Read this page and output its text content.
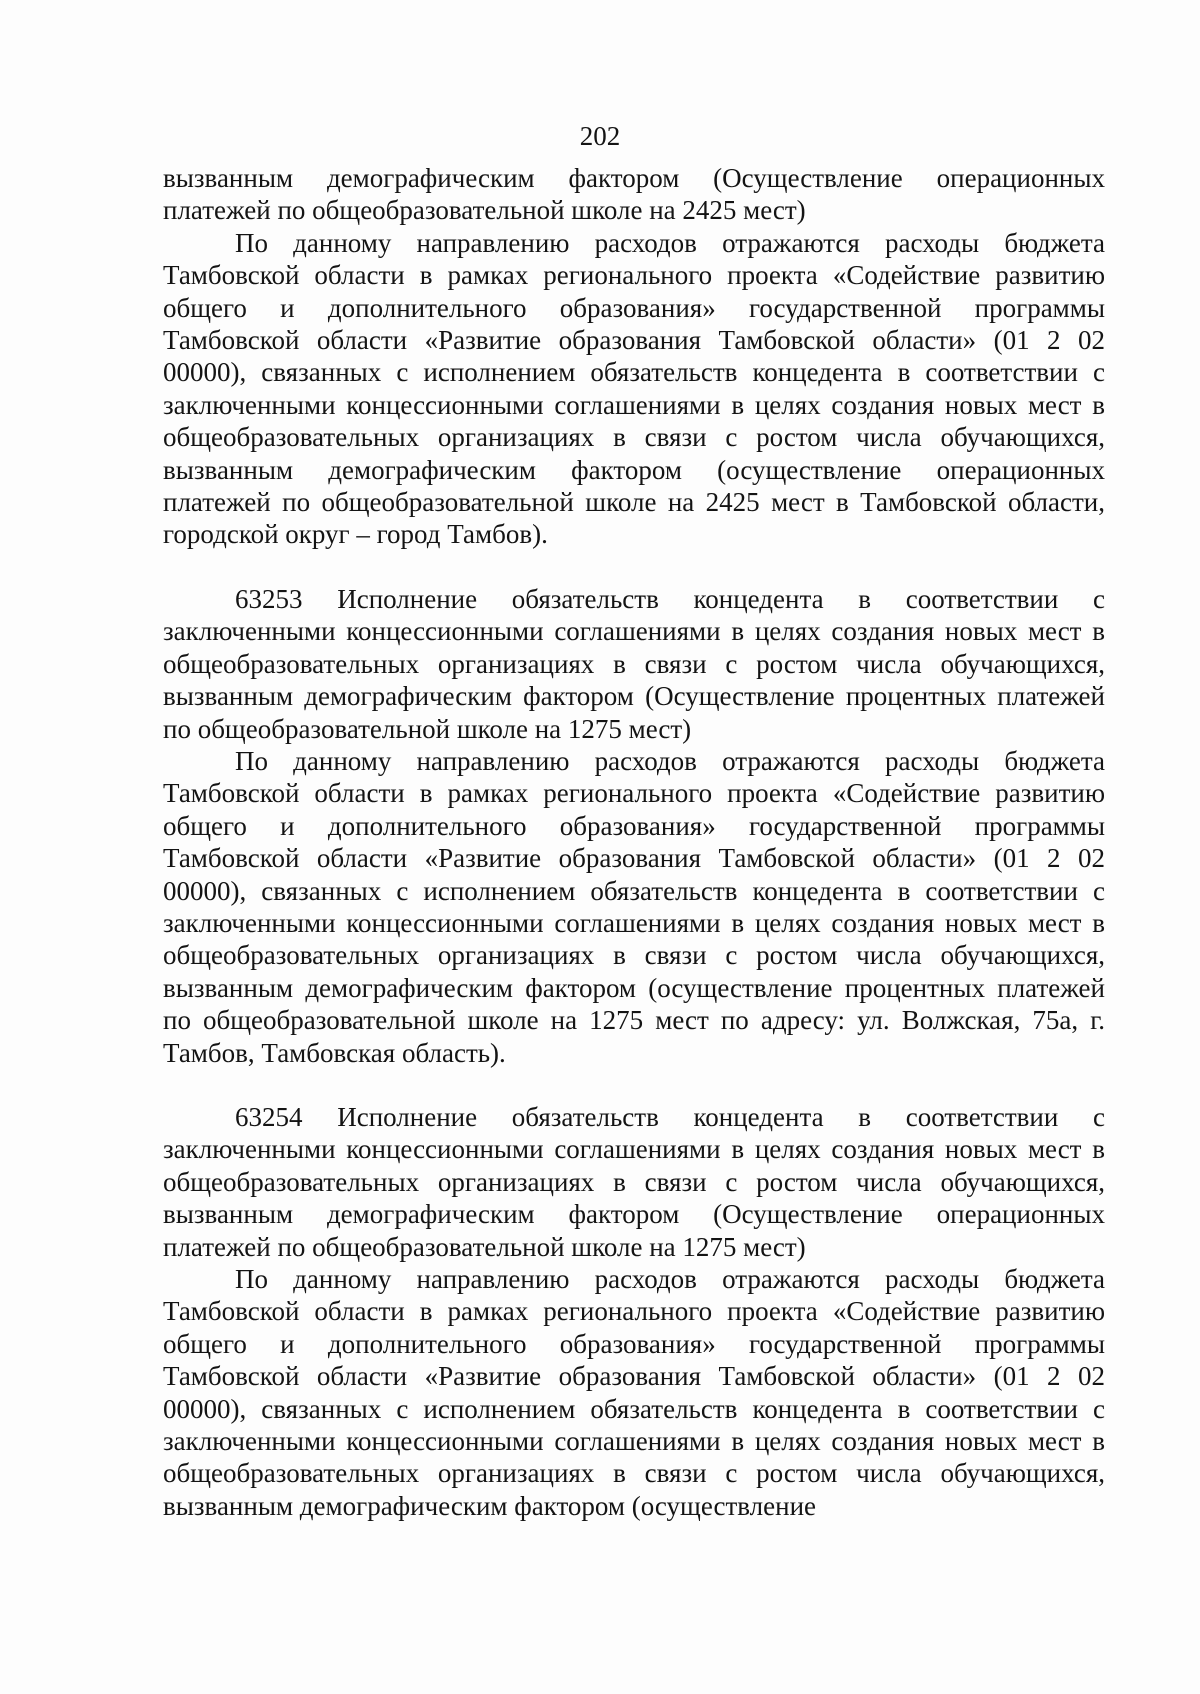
202

вызванным демографическим фактором (Осуществление операционных платежей по общеобразовательной школе на 2425 мест)

По данному направлению расходов отражаются расходы бюджета Тамбовской области в рамках регионального проекта «Содействие развитию общего и дополнительного образования» государственной программы Тамбовской области «Развитие образования Тамбовской области» (01 2 02 00000), связанных с исполнением обязательств концедента в соответствии с заключенными концессионными соглашениями в целях создания новых мест в общеобразовательных организациях в связи с ростом числа обучающихся, вызванным демографическим фактором (осуществление операционных платежей по общеобразовательной школе на 2425 мест в Тамбовской области, городской округ – город Тамбов).

63253 Исполнение обязательств концедента в соответствии с заключенными концессионными соглашениями в целях создания новых мест в общеобразовательных организациях в связи с ростом числа обучающихся, вызванным демографическим фактором (Осуществление процентных платежей по общеобразовательной школе на 1275 мест)

По данному направлению расходов отражаются расходы бюджета Тамбовской области в рамках регионального проекта «Содействие развитию общего и дополнительного образования» государственной программы Тамбовской области «Развитие образования Тамбовской области» (01 2 02 00000), связанных с исполнением обязательств концедента в соответствии с заключенными концессионными соглашениями в целях создания новых мест в общеобразовательных организациях в связи с ростом числа обучающихся, вызванным демографическим фактором (осуществление процентных платежей по общеобразовательной школе на 1275 мест по адресу: ул. Волжская, 75а, г. Тамбов, Тамбовская область).

63254 Исполнение обязательств концедента в соответствии с заключенными концессионными соглашениями в целях создания новых мест в общеобразовательных организациях в связи с ростом числа обучающихся, вызванным демографическим фактором (Осуществление операционных платежей по общеобразовательной школе на 1275 мест)

По данному направлению расходов отражаются расходы бюджета Тамбовской области в рамках регионального проекта «Содействие развитию общего и дополнительного образования» государственной программы Тамбовской области «Развитие образования Тамбовской области» (01 2 02 00000), связанных с исполнением обязательств концедента в соответствии с заключенными концессионными соглашениями в целях создания новых мест в общеобразовательных организациях в связи с ростом числа обучающихся, вызванным демографическим фактором (осуществление
